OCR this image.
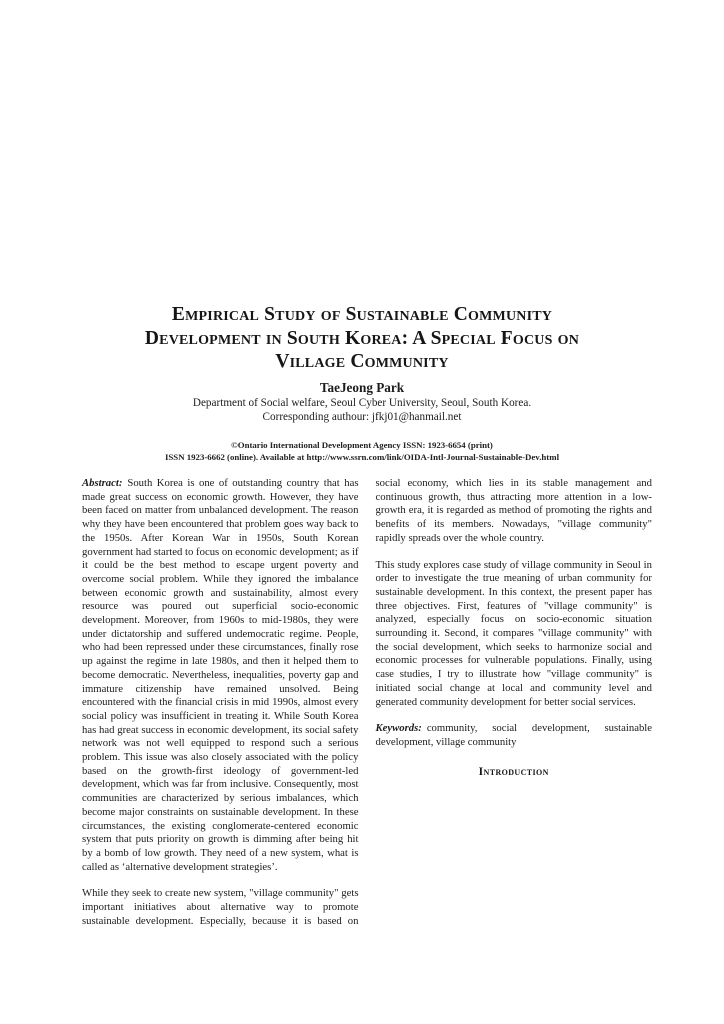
Empirical Study of Sustainable Community
Development in South Korea: A Special Focus on
Village Community
TaeJeong Park
Department of Social welfare, Seoul Cyber University, Seoul, South Korea.
Corresponding authour: jfkj01@hanmail.net
©Ontario International Development Agency ISSN: 1923-6654 (print)
ISSN 1923-6662 (online). Available at http://www.ssrn.com/link/OIDA-Intl-Journal-Sustainable-Dev.html

Abstract: South Korea is one of outstanding country that has made great success on economic growth. However, they have been faced on matter from unbalanced development. The reason why they have been encountered that problem goes way back to the 1950s. After Korean War in 1950s, South Korean government had started to focus on economic development; as if it could be the best method to escape urgent poverty and overcome social problem. While they ignored the imbalance between economic growth and sustainability, almost every resource was poured out superficial socio-economic development. Moreover, from 1960s to mid-1980s, they were under dictatorship and suffered undemocratic regime. People, who had been repressed under these circumstances, finally rose up against the regime in late 1980s, and then it helped them to become democratic. Nevertheless, inequalities, poverty gap and immature citizenship have remained unsolved. Being encountered with the financial crisis in mid 1990s, almost every social policy was insufficient in treating it. While South Korea has had great success in economic development, its social safety network was not well equipped to respond such a serious problem. This issue was also closely associated with the policy based on the growth-first ideology of government-led development, which was far from inclusive. Consequently, most communities are characterized by serious imbalances, which become major constraints on sustainable development. In these circumstances, the existing conglomerate-centered economic system that puts priority on growth is dimming after being hit by a bomb of low growth. They need of a new system, what is called as ‘alternative development strategies’.

While they seek to create new system, "village community" gets important initiatives about alternative way to promote sustainable development. Especially, because it is based on social economy, which lies in its stable management and continuous growth, thus attracting more attention in a low-growth era, it is regarded as method of promoting the rights and benefits of its members. Nowadays, "village community" rapidly spreads over the whole country.

This study explores case study of village community in Seoul in order to investigate the true meaning of urban community for sustainable development. In this context, the present paper has three objectives. First, features of "village community" is analyzed, especially focus on socio-economic situation surrounding it. Second, it compares "village community" with the social development, which seeks to harmonize social and economic processes for vulnerable populations. Finally, using case studies, I try to illustrate how "village community" is initiated social change at local and community level and generated community development for better social services.

Keywords: community, social development, sustainable development, village community

Introduction
